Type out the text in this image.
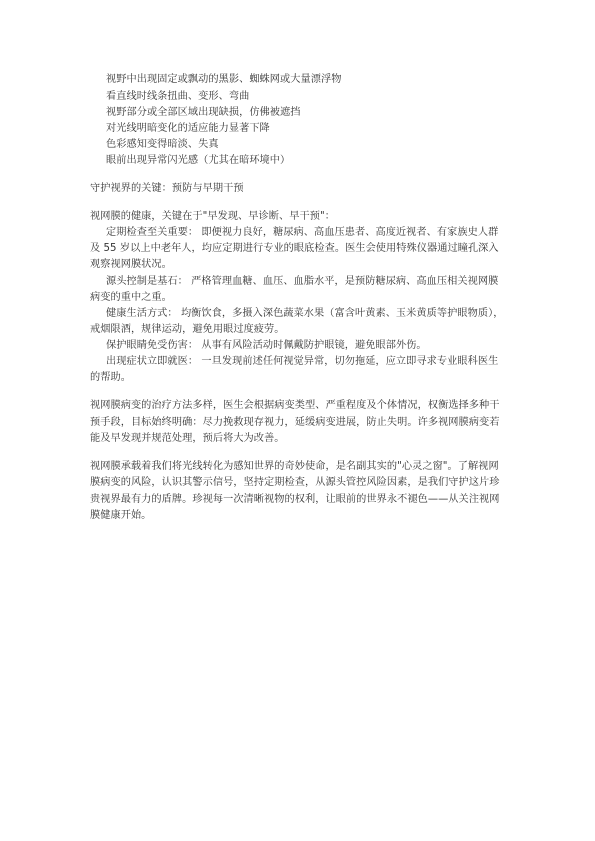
视野中出现固定或飘动的黑影、蜘蛛网或大量漂浮物
看直线时线条扭曲、变形、弯曲
视野部分或全部区域出现缺损，仿佛被遮挡
对光线明暗变化的适应能力显著下降
色彩感知变得暗淡、失真
眼前出现异常闪光感（尤其在暗环境中）
守护视界的关键：预防与早期干预
视网膜的健康，关键在于"早发现、早诊断、早干预"：
定期检查至关重要： 即便视力良好，糖尿病、高血压患者、高度近视者、有家族史人群
及 55 岁以上中老年人，均应定期进行专业的眼底检查。医生会使用特殊仪器通过瞳孔深入
观察视网膜状况。
源头控制是基石： 严格管理血糖、血压、血脂水平，是预防糖尿病、高血压相关视网膜
病变的重中之重。
健康生活方式： 均衡饮食，多摄入深色蔬菜水果（富含叶黄素、玉米黄质等护眼物质），
戒烟限酒，规律运动，避免用眼过度疲劳。
保护眼睛免受伤害： 从事有风险活动时佩戴防护眼镜，避免眼部外伤。
出现症状立即就医： 一旦发现前述任何视觉异常，切勿拖延，应立即寻求专业眼科医生
的帮助。
视网膜病变的治疗方法多样，医生会根据病变类型、严重程度及个体情况，权衡选择多种干
预手段，目标始终明确：尽力挽救现存视力，延缓病变进展，防止失明。许多视网膜病变若
能及早发现并规范处理，预后将大为改善。
视网膜承载着我们将光线转化为感知世界的奇妙使命，是名副其实的"心灵之窗"。了解视网
膜病变的风险，认识其警示信号，坚持定期检查，从源头管控风险因素，是我们守护这片珍
贵视界最有力的盾牌。珍视每一次清晰视物的权利，让眼前的世界永不褪色——从关注视网
膜健康开始。
